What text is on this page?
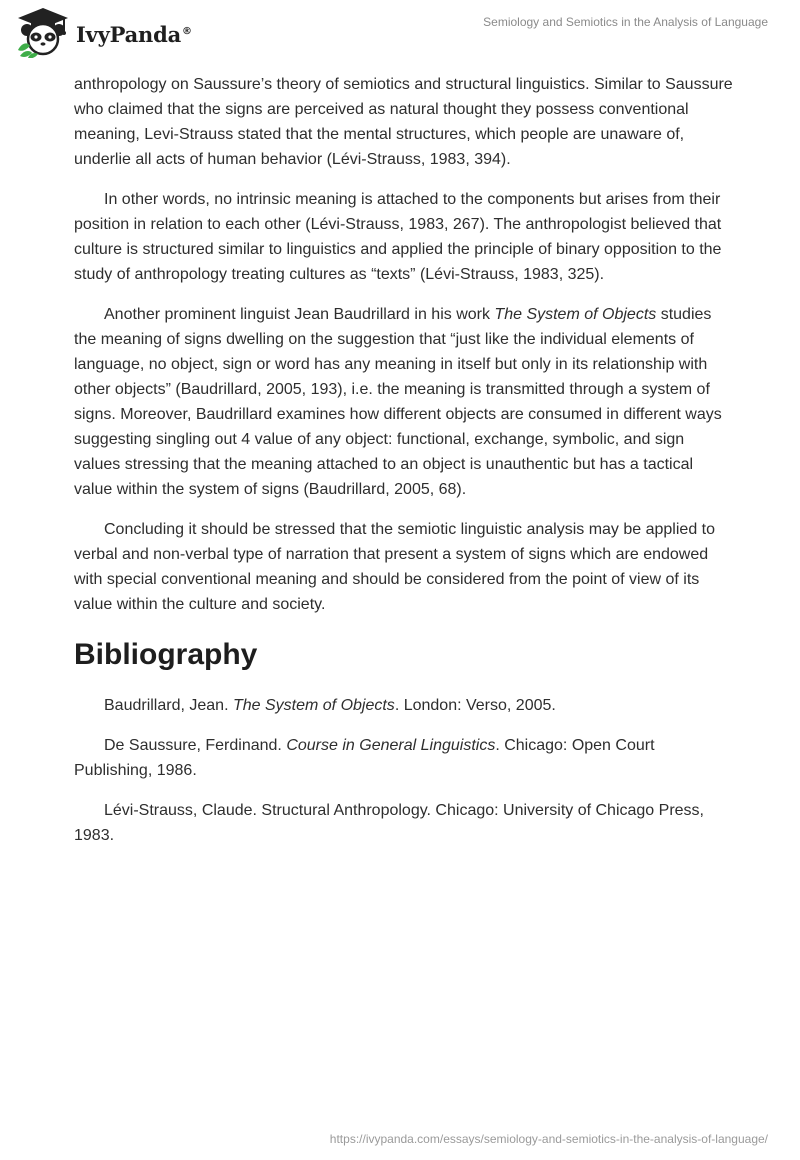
IvyPanda®
Semiology and Semiotics in the Analysis of Language

anthropology on Saussure’s theory of semiotics and structural linguistics. Similar to Saussure who claimed that the signs are perceived as natural thought they possess conventional meaning, Levi-Strauss stated that the mental structures, which people are unaware of, underlie all acts of human behavior (Lévi-Strauss, 1983, 394).

In other words, no intrinsic meaning is attached to the components but arises from their position in relation to each other (Lévi-Strauss, 1983, 267). The anthropologist believed that culture is structured similar to linguistics and applied the principle of binary opposition to the study of anthropology treating cultures as “texts” (Lévi-Strauss, 1983, 325).

Another prominent linguist Jean Baudrillard in his work The System of Objects studies the meaning of signs dwelling on the suggestion that “just like the individual elements of language, no object, sign or word has any meaning in itself but only in its relationship with other objects” (Baudrillard, 2005, 193), i.e. the meaning is transmitted through a system of signs. Moreover, Baudrillard examines how different objects are consumed in different ways suggesting singling out 4 value of any object: functional, exchange, symbolic, and sign values stressing that the meaning attached to an object is unauthentic but has a tactical value within the system of signs (Baudrillard, 2005, 68).

Concluding it should be stressed that the semiotic linguistic analysis may be applied to verbal and non-verbal type of narration that present a system of signs which are endowed with special conventional meaning and should be considered from the point of view of its value within the culture and society.

Bibliography

Baudrillard, Jean. The System of Objects. London: Verso, 2005.

De Saussure, Ferdinand. Course in General Linguistics. Chicago: Open Court Publishing, 1986.

Lévi-Strauss, Claude. Structural Anthropology. Chicago: University of Chicago Press, 1983.

https://ivypanda.com/essays/semiology-and-semiotics-in-the-analysis-of-language/
